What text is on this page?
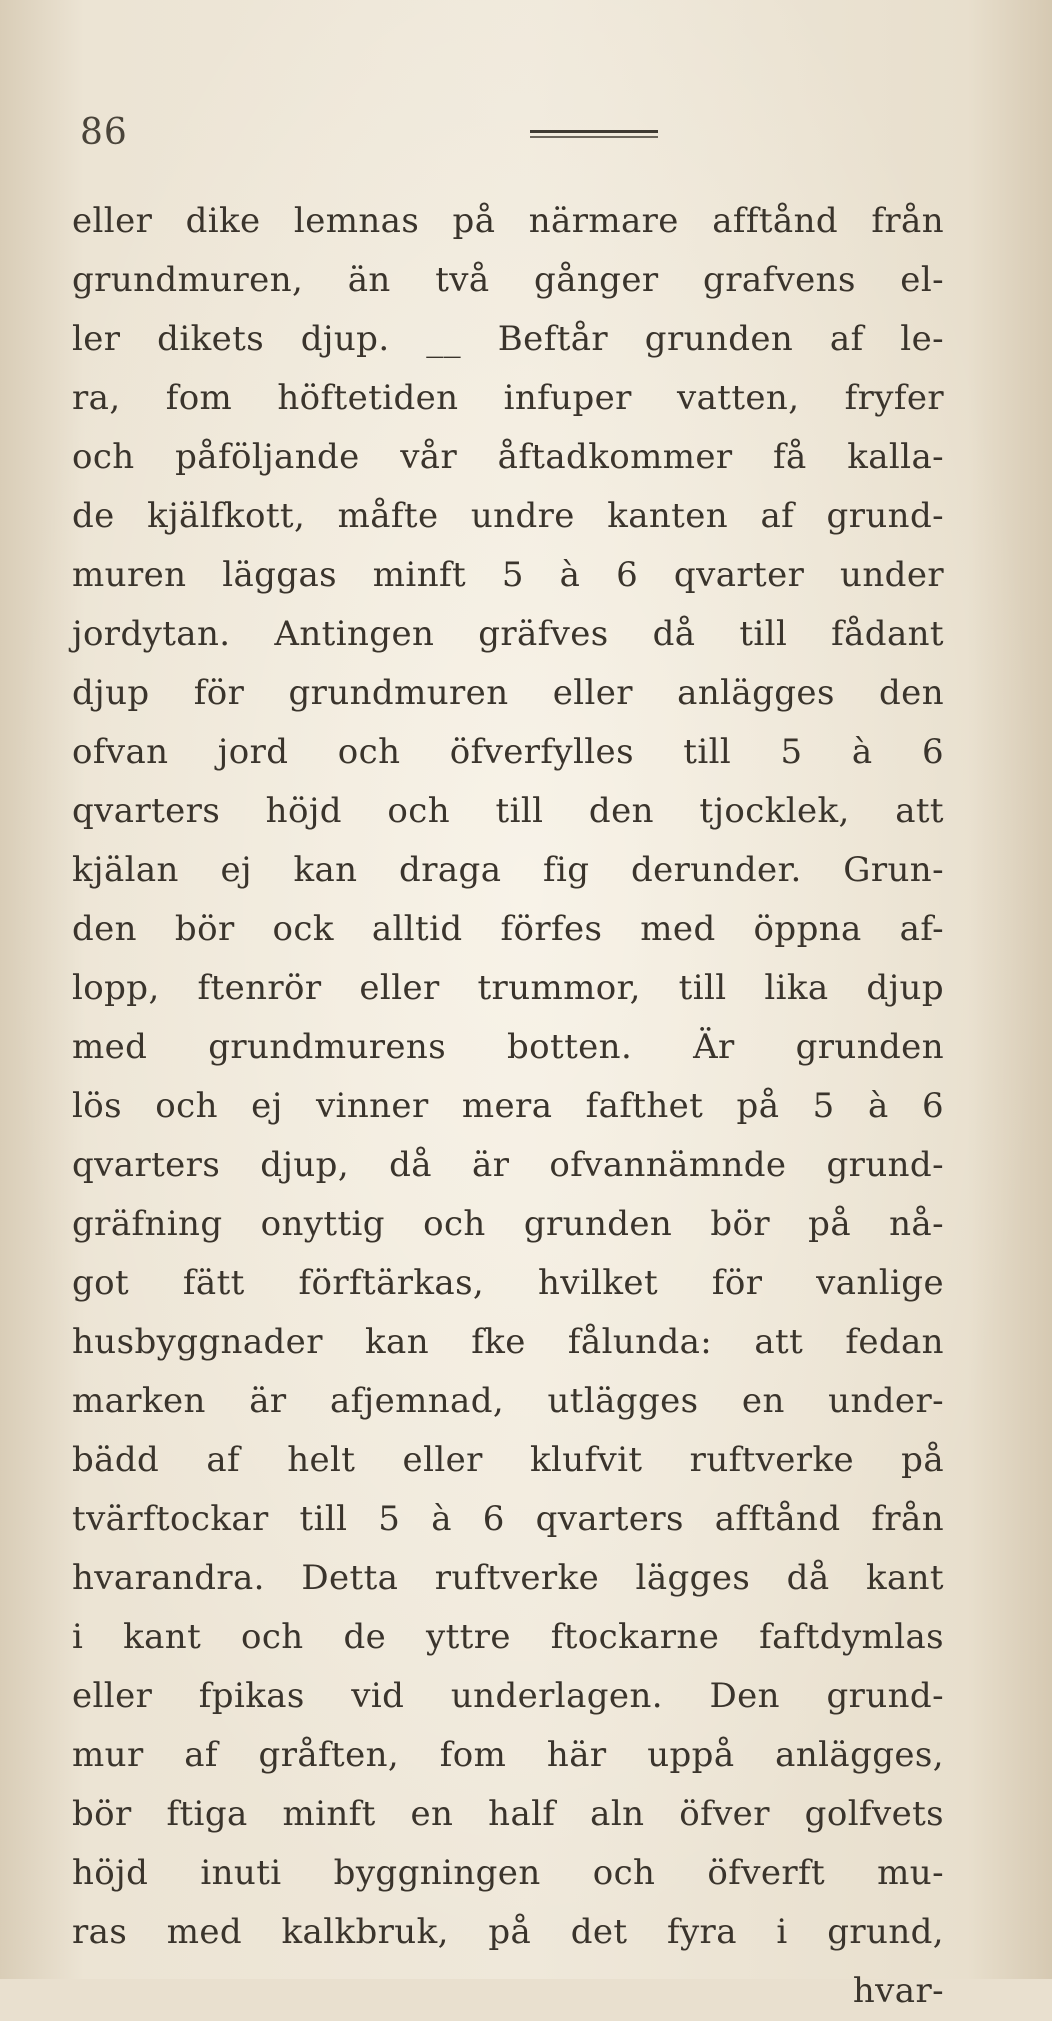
86
eller dike lemnas på närmare afftånd från
grundmuren, än två gånger grafvens el-
ler dikets djup. __ Beftår grunden af le-
ra, fom höftetiden infuper vatten, fryfer
och påföljande vår åftadkommer få kalla-
de kjälfkott, måfte undre kanten af grund-
muren läggas minft 5 à 6 qvarter under
jordytan. Antingen gräfves då till fådant
djup för grundmuren eller anlägges den
ofvan jord och öfverfylles till 5 à 6
qvarters höjd och till den tjocklek, att
kjälan ej kan draga fig derunder. Grun-
den bör ock alltid förfes med öppna af-
lopp, ftenrör eller trummor, till lika djup
med grundmurens botten. Är grunden
lös och ej vinner mera fafthet på 5 à 6
qvarters djup, då är ofvannämnde grund-
gräfning onyttig och grunden bör på nå-
got fätt förftärkas, hvilket för vanlige
husbyggnader kan fke fålunda: att fedan
marken är afjemnad, utlägges en under-
bädd af helt eller klufvit ruftverke på
tvärftockar till 5 à 6 qvarters afftånd från
hvarandra. Detta ruftverke lägges då kant
i kant och de yttre ftockarne faftdymlas
eller fpikas vid underlagen. Den grund-
mur af gråften, fom här uppå anlägges,
bör ftiga minft en half aln öfver golfvets
höjd inuti byggningen och öfverft mu-
ras med kalkbruk, på det fyra i grund,
hvar-
